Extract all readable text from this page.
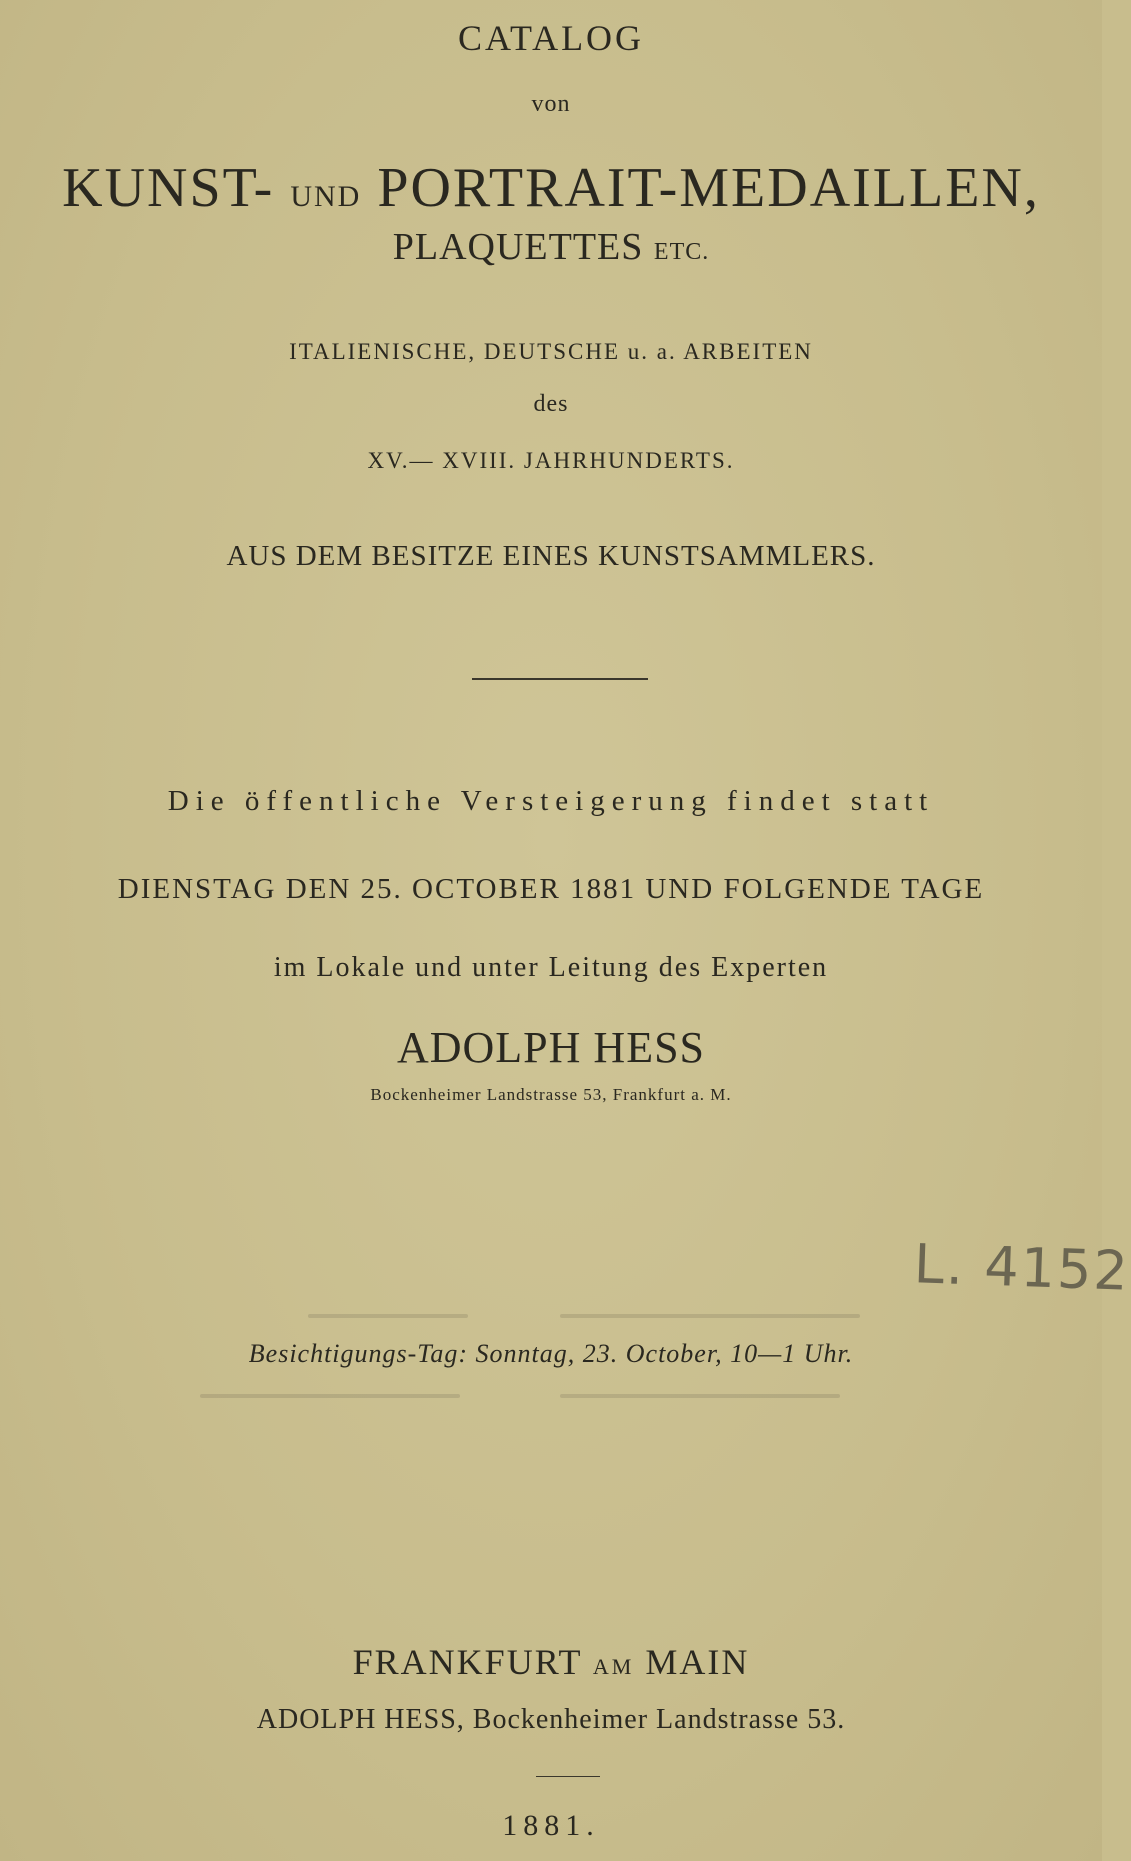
CATALOG
von
KUNST- UND PORTRAIT-MEDAILLEN,
PLAQUETTES ETC.
ITALIENISCHE, DEUTSCHE u. a. ARBEITEN
des
XV.— XVIII. JAHRHUNDERTS.
AUS DEM BESITZE EINES KUNSTSAMMLERS.
Die öffentliche Versteigerung findet statt
DIENSTAG DEN 25. OCTOBER 1881 UND FOLGENDE TAGE
im Lokale und unter Leitung des Experten
ADOLPH HESS
Bockenheimer Landstrasse 53, Frankfurt a. M.
L. 4152
Besichtigungs-Tag: Sonntag, 23. October, 10—1 Uhr.
FRANKFURT AM MAIN
ADOLPH HESS, Bockenheimer Landstrasse 53.
1881.
